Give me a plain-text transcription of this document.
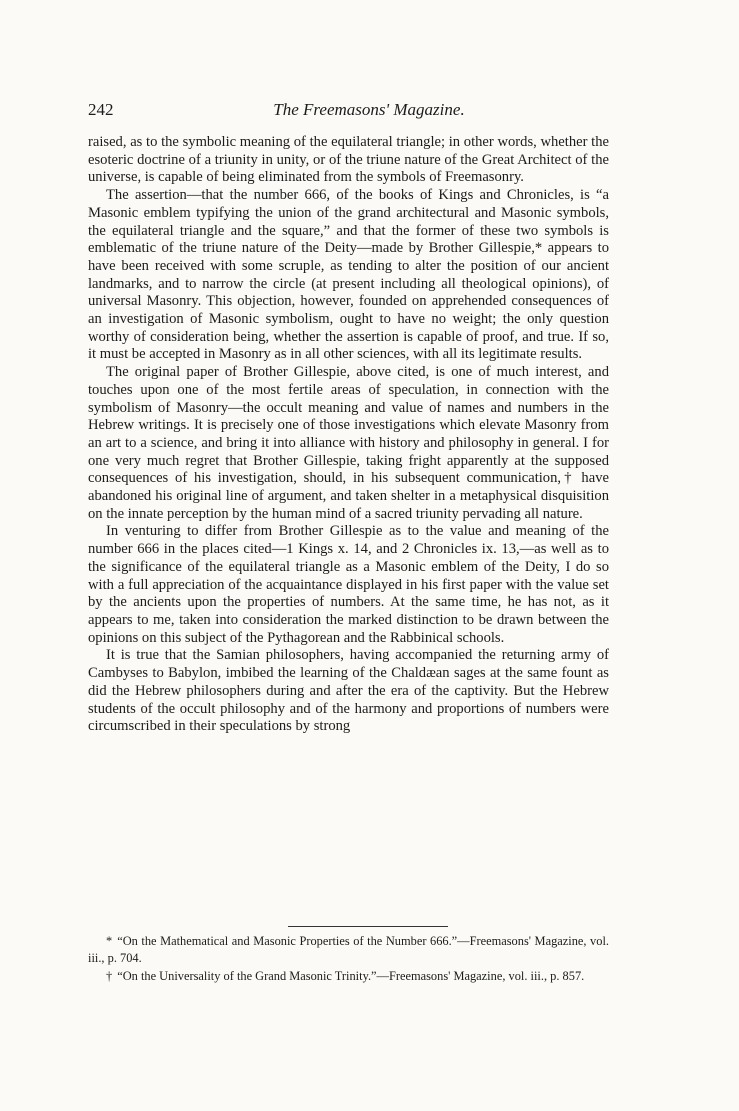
242	The Freemasons' Magazine.

raised, as to the symbolic meaning of the equilateral triangle; in other words, whether the esoteric doctrine of a triunity in unity, or of the triune nature of the Great Architect of the universe, is capable of being eliminated from the symbols of Freemasonry.

The assertion—that the number 666, of the books of Kings and Chronicles, is “a Masonic emblem typifying the union of the grand architectural and Masonic symbols, the equilateral triangle and the square,” and that the former of these two symbols is emblematic of the triune nature of the Deity—made by Brother Gillespie,* appears to have been received with some scruple, as tending to alter the position of our ancient landmarks, and to narrow the circle (at present including all theological opinions), of universal Masonry. This objection, however, founded on apprehended consequences of an investigation of Masonic symbolism, ought to have no weight; the only question worthy of consideration being, whether the assertion is capable of proof, and true. If so, it must be accepted in Masonry as in all other sciences, with all its legitimate results.

The original paper of Brother Gillespie, above cited, is one of much interest, and touches upon one of the most fertile areas of speculation, in connection with the symbolism of Masonry—the occult meaning and value of names and numbers in the Hebrew writings. It is precisely one of those investigations which elevate Masonry from an art to a science, and bring it into alliance with history and philosophy in general. I for one very much regret that Brother Gillespie, taking fright apparently at the supposed consequences of his investigation, should, in his subsequent communication,† have abandoned his original line of argument, and taken shelter in a metaphysical disquisition on the innate perception by the human mind of a sacred triunity pervading all nature.

In venturing to differ from Brother Gillespie as to the value and meaning of the number 666 in the places cited—1 Kings x. 14, and 2 Chronicles ix. 13,—as well as to the significance of the equilateral triangle as a Masonic emblem of the Deity, I do so with a full appreciation of the acquaintance displayed in his first paper with the value set by the ancients upon the properties of numbers. At the same time, he has not, as it appears to me, taken into consideration the marked distinction to be drawn between the opinions on this subject of the Pythagorean and the Rabbinical schools.

It is true that the Samian philosophers, having accompanied the returning army of Cambyses to Babylon, imbibed the learning of the Chaldæan sages at the same fount as did the Hebrew philosophers during and after the era of the captivity. But the Hebrew students of the occult philosophy and of the harmony and proportions of numbers were circumscribed in their speculations by strong

* “On the Mathematical and Masonic Properties of the Number 666.”—Freemasons' Magazine, vol. iii., p. 704.

† “On the Universality of the Grand Masonic Trinity.”—Freemasons' Magazine, vol. iii., p. 857.
